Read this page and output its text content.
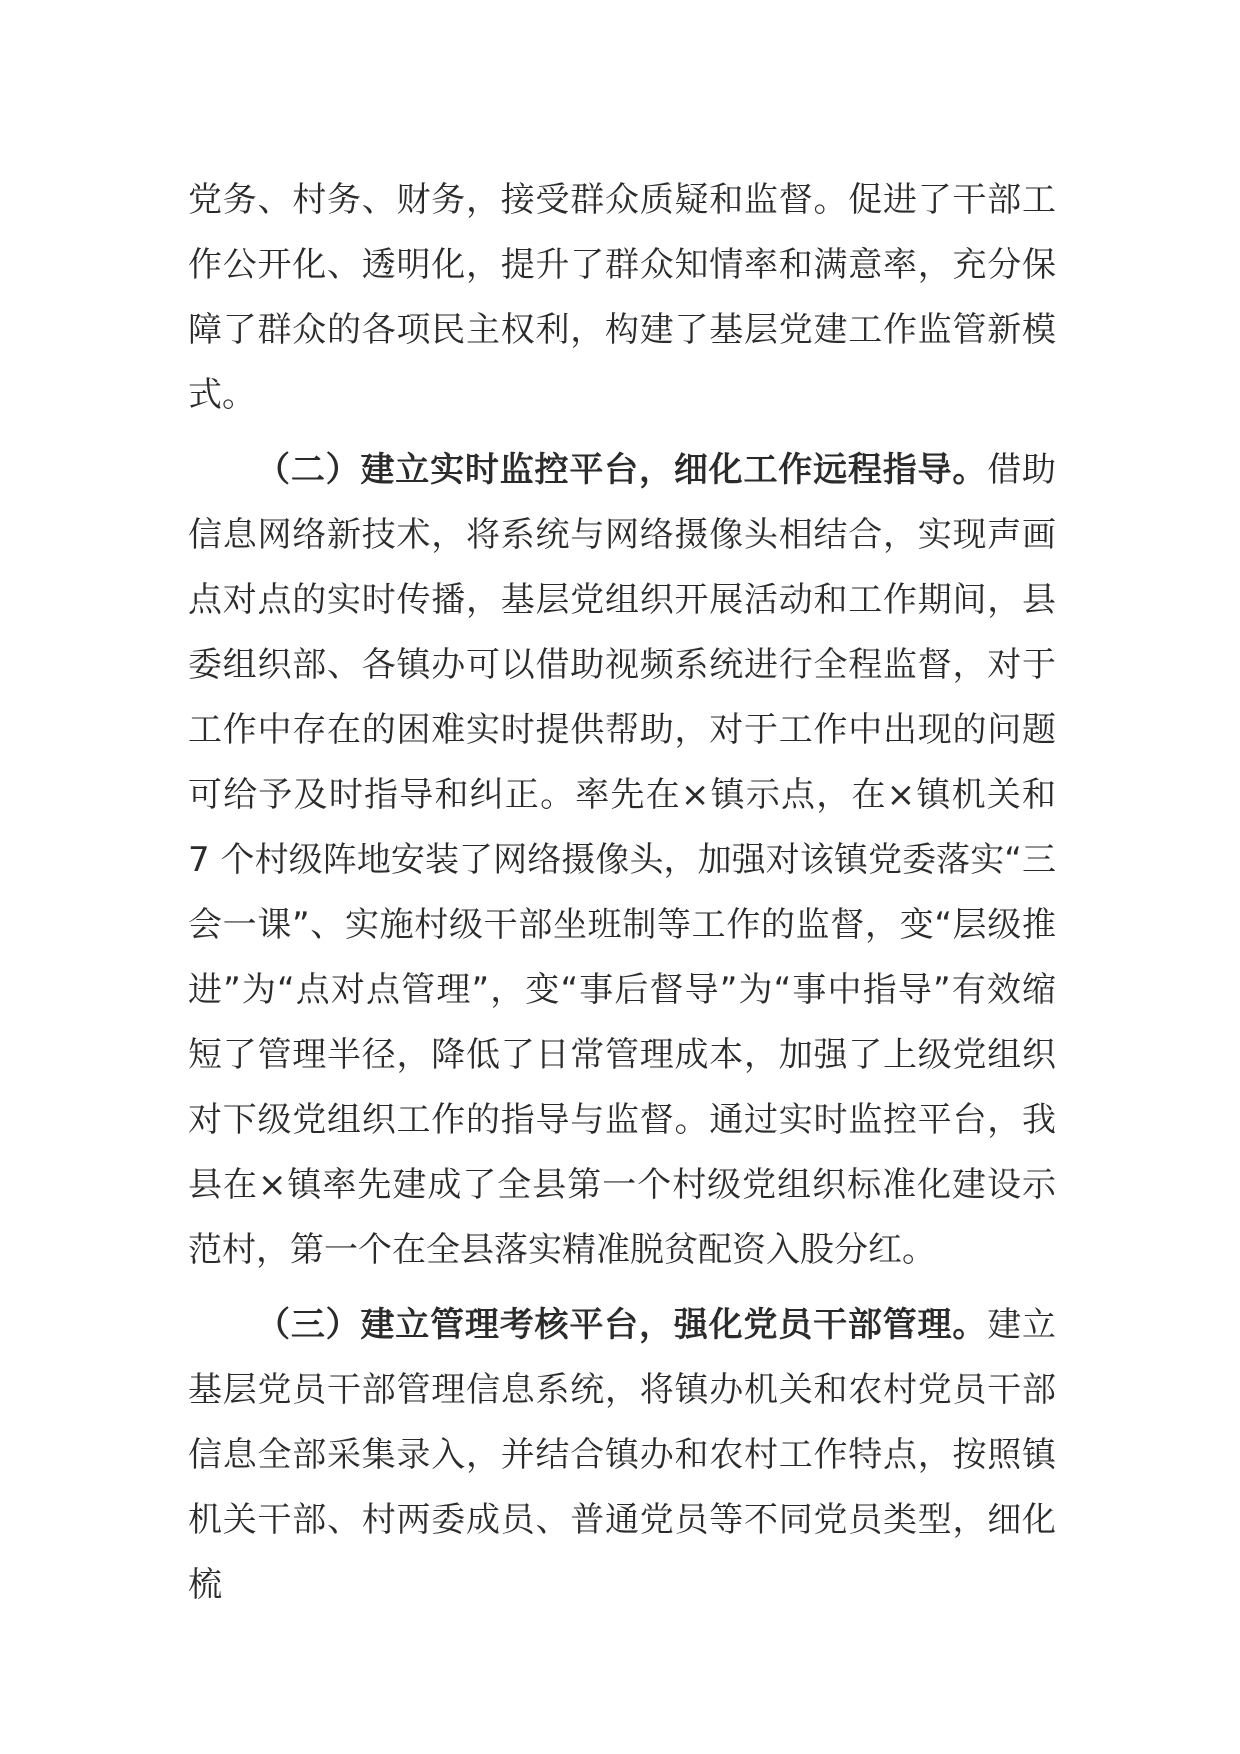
党务、村务、财务，接受群众质疑和监督。促进了干部工作公开化、透明化，提升了群众知情率和满意率，充分保障了群众的各项民主权利，构建了基层党建工作监管新模式。

（二）建立实时监控平台，细化工作远程指导。借助信息网络新技术，将系统与网络摄像头相结合，实现声画点对点的实时传播，基层党组织开展活动和工作期间，县委组织部、各镇办可以借助视频系统进行全程监督，对于工作中存在的困难实时提供帮助，对于工作中出现的问题可给予及时指导和纠正。率先在×镇示点，在×镇机关和 7 个村级阵地安装了网络摄像头，加强对该镇党委落实“三会一课”、实施村级干部坐班制等工作的监督，变“层级推进”为“点对点管理”，变“事后督导”为“事中指导”有效缩短了管理半径，降低了日常管理成本，加强了上级党组织对下级党组织工作的指导与监督。通过实时监控平台，我县在×镇率先建成了全县第一个村级党组织标准化建设示范村，第一个在全县落实精准脱贫配资入股分红。

（三）建立管理考核平台，强化党员干部管理。建立基层党员干部管理信息系统，将镇办机关和农村党员干部信息全部采集录入，并结合镇办和农村工作特点，按照镇机关干部、村两委成员、普通党员等不同党员类型，细化梳
